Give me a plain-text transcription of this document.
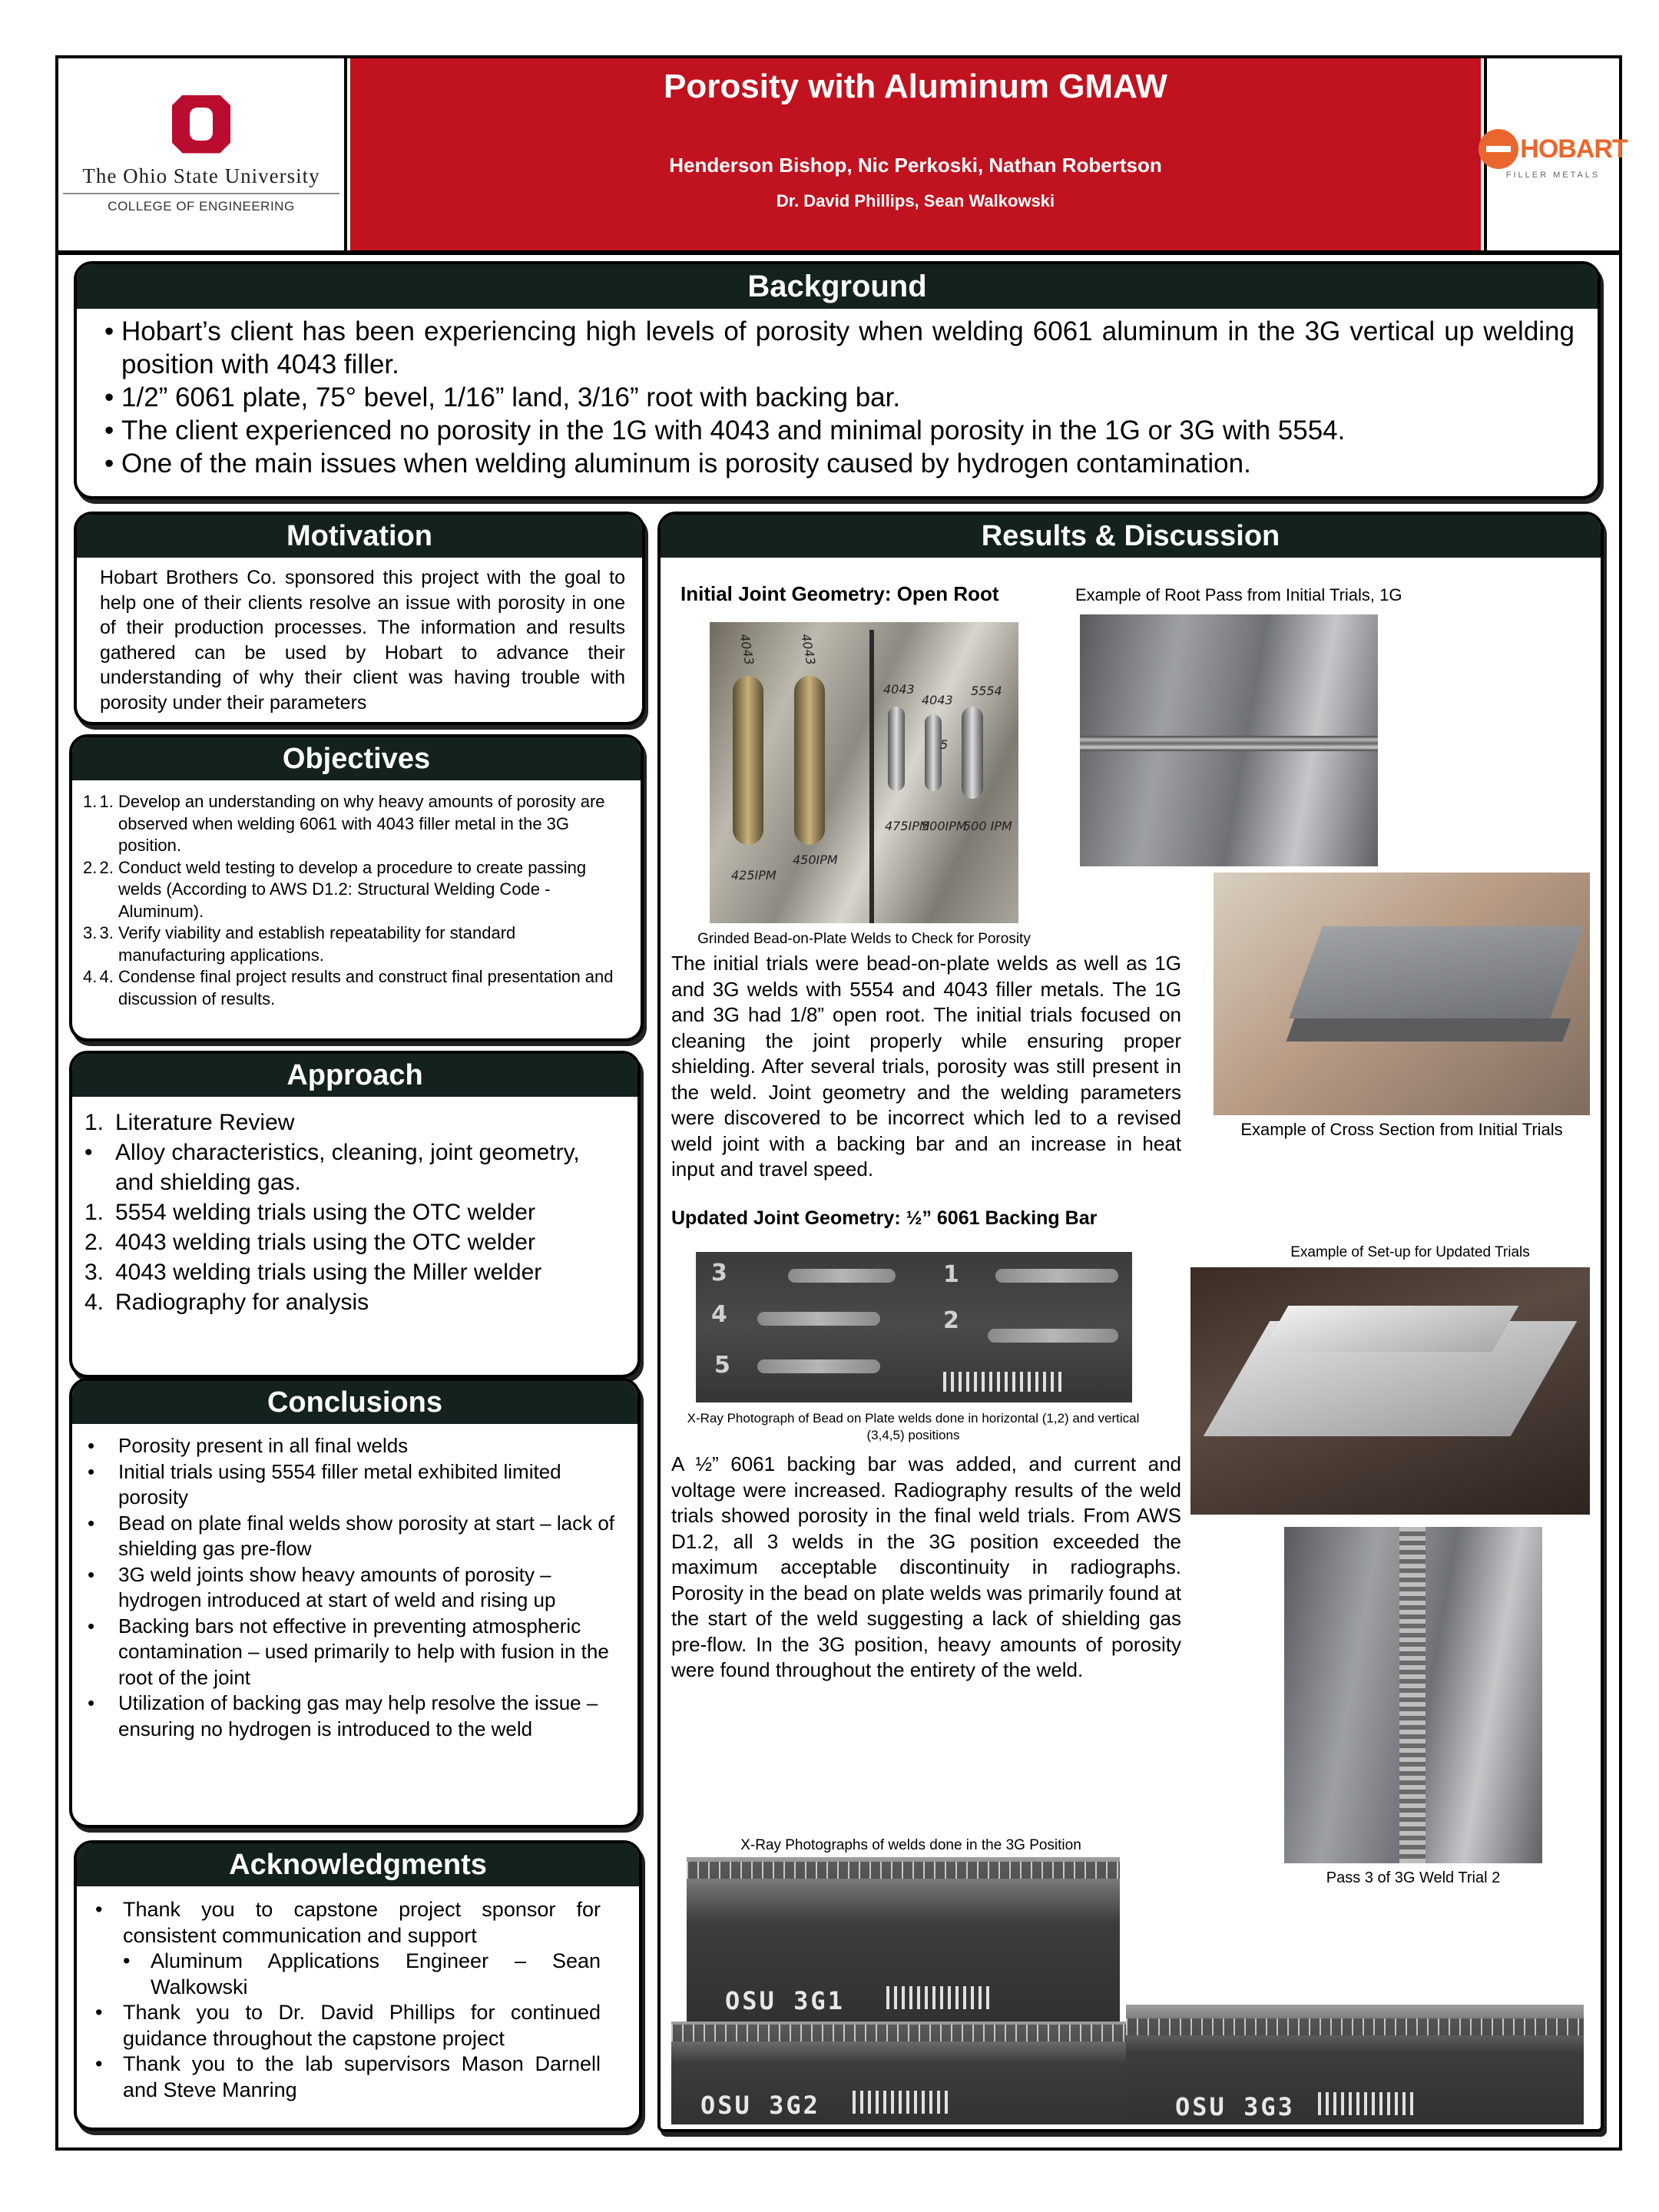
The Ohio State University
COLLEGE OF ENGINEERING
Porosity with Aluminum GMAW
Henderson Bishop, Nic Perkoski, Nathan Robertson
Dr. David Phillips, Sean Walkowski
HOBART
FILLER METALS
Background
• Hobart’s client has been experiencing high levels of porosity when welding 6061 aluminum in the 3G vertical up welding position with 4043 filler.
• 1/2” 6061 plate, 75° bevel, 1/16” land, 3/16” root with backing bar.
• The client experienced no porosity in the 1G with 4043 and minimal porosity in the 1G or 3G with 5554.
• One of the main issues when welding aluminum is porosity caused by hydrogen contamination.
Motivation
Hobart Brothers Co. sponsored this project with the goal to help one of their clients resolve an issue with porosity in one of their production processes. The information and results gathered can be used by Hobart to advance their understanding of why their client was having trouble with porosity under their parameters
Objectives
1. 1. Develop an understanding on why heavy amounts of porosity are observed when welding 6061 with 4043 filler metal in the 3G position.
2. 2. Conduct weld testing to develop a procedure to create passing welds (According to AWS D1.2: Structural Welding Code - Aluminum).
3. 3. Verify viability and establish repeatability for standard manufacturing applications.
4. 4. Condense final project results and construct final presentation and discussion of results.
Approach
1. Literature Review
• Alloy characteristics, cleaning, joint geometry, and shielding gas.
1. 5554 welding trials using the OTC welder
2. 4043 welding trials using the OTC welder
3. 4043 welding trials using the Miller welder
4. Radiography for analysis
Conclusions
• Porosity present in all final welds
• Initial trials using 5554 filler metal exhibited limited porosity
• Bead on plate final welds show porosity at start – lack of shielding gas pre-flow
• 3G weld joints show heavy amounts of porosity – hydrogen introduced at start of weld and rising up
• Backing bars not effective in preventing atmospheric contamination – used primarily to help with fusion in the root of the joint
• Utilization of backing gas may help resolve the issue – ensuring no hydrogen is introduced to the weld
Acknowledgments
• Thank you to capstone project sponsor for consistent communication and support
• Aluminum Applications Engineer – Sean Walkowski
• Thank you to Dr. David Phillips for continued guidance throughout the capstone project
• Thank you to the lab supervisors Mason Darnell and Steve Manring
Results & Discussion
Initial Joint Geometry: Open Root	Example of Root Pass from Initial Trials, 1G
4043	4043
4043
4043
5554
5
425IPM
450IPM
475IPM
500IPM
500 IPM
Grinded Bead-on-Plate Welds to Check for Porosity
Example of Cross Section from Initial Trials
The initial trials were bead-on-plate welds as well as 1G and 3G welds with 5554 and 4043 filler metals. The 1G and 3G had 1/8” open root. The initial trials focused on cleaning the joint properly while ensuring proper shielding. After several trials, porosity was still present in the weld. Joint geometry and the welding parameters were discovered to be incorrect which led to a revised weld joint with a backing bar and an increase in heat input and travel speed.
Updated Joint Geometry: ½” 6061 Backing Bar
Example of Set-up for Updated Trials
3	1
4	2
5
X-Ray Photograph of Bead on Plate welds done in horizontal (1,2) and vertical (3,4,5) positions
A ½” 6061 backing bar was added, and current and voltage were increased. Radiography results of the weld trials showed porosity in the final weld trials. From AWS D1.2, all 3 welds in the 3G position exceeded the maximum acceptable discontinuity in radiographs. Porosity in the bead on plate welds was primarily found at the start of the weld suggesting a lack of shielding gas pre-flow. In the 3G position, heavy amounts of porosity were found throughout the entirety of the weld.
Pass 3 of 3G Weld Trial 2
X-Ray Photographs of welds done in the 3G Position
OSU 3G1
OSU 3G2	OSU 3G3
